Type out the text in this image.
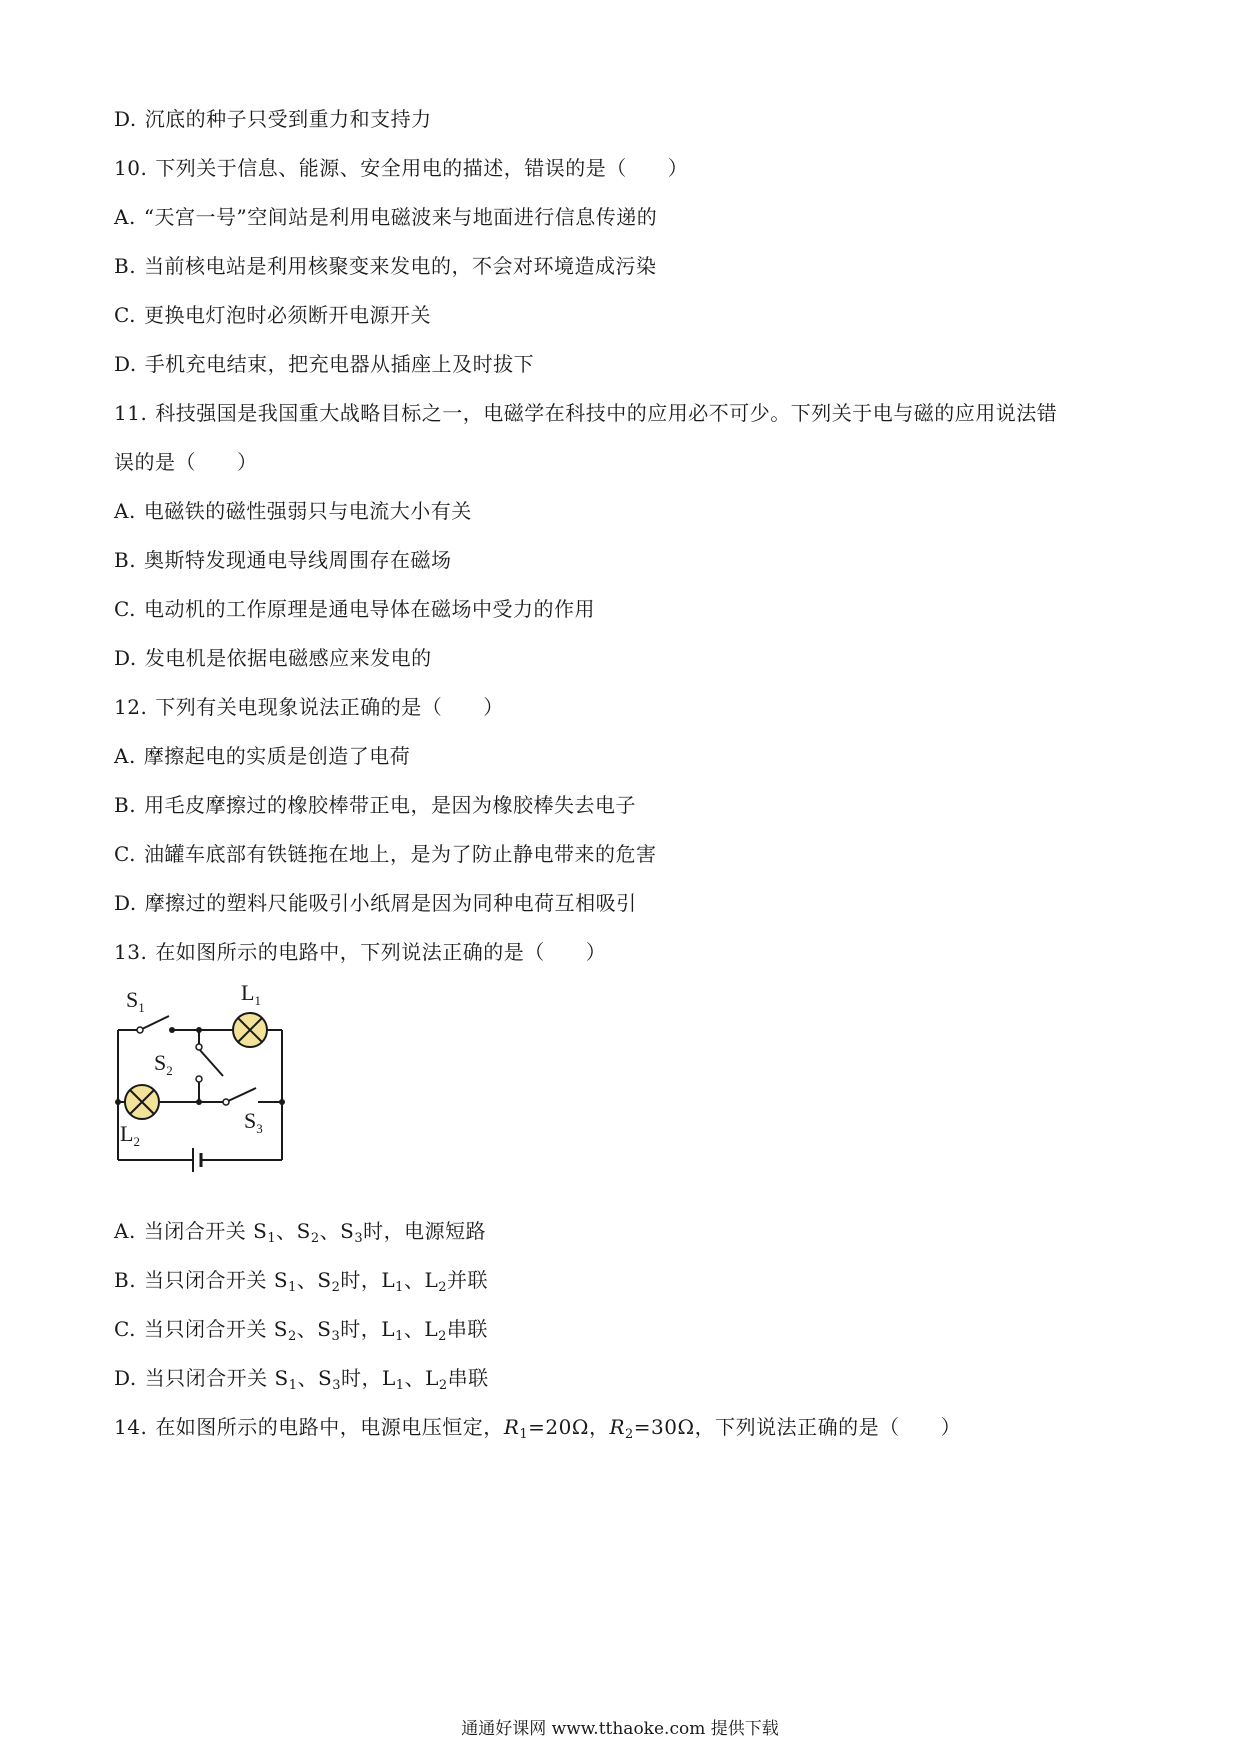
D. 沉底的种子只受到重力和支持力
10. 下列关于信息、能源、安全用电的描述，错误的是（　　）
A. “天宫一号”空间站是利用电磁波来与地面进行信息传递的
B. 当前核电站是利用核聚变来发电的，不会对环境造成污染
C. 更换电灯泡时必须断开电源开关
D. 手机充电结束，把充电器从插座上及时拔下
11. 科技强国是我国重大战略目标之一，电磁学在科技中的应用必不可少。下列关于电与磁的应用说法错
误的是（　　）
A. 电磁铁的磁性强弱只与电流大小有关
B. 奥斯特发现通电导线周围存在磁场
C. 电动机的工作原理是通电导体在磁场中受力的作用
D. 发电机是依据电磁感应来发电的
12. 下列有关电现象说法正确的是（　　）
A. 摩擦起电的实质是创造了电荷
B. 用毛皮摩擦过的橡胶棒带正电，是因为橡胶棒失去电子
C. 油罐车底部有铁链拖在地上，是为了防止静电带来的危害
D. 摩擦过的塑料尺能吸引小纸屑是因为同种电荷互相吸引
13. 在如图所示的电路中，下列说法正确的是（　　）
$S_1$
$L_1$
$S_2$
$L_2$
$S_3$
A. 当闭合开关 $S_1$、$S_2$、$S_3$时，电源短路
B. 当只闭合开关 $S_1$、$S_2$时，$L_1$、$L_2$并联
C. 当只闭合开关 $S_2$、$S_3$时，$L_1$、$L_2$串联
D. 当只闭合开关 $S_1$、$S_3$时，$L_1$、$L_2$串联
14. 在如图所示的电路中，电源电压恒定，$R_1=20\Omega$，$R_2=30\Omega$，下列说法正确的是（　　）
通通好课网 www.tthaoke.com 提供下载
